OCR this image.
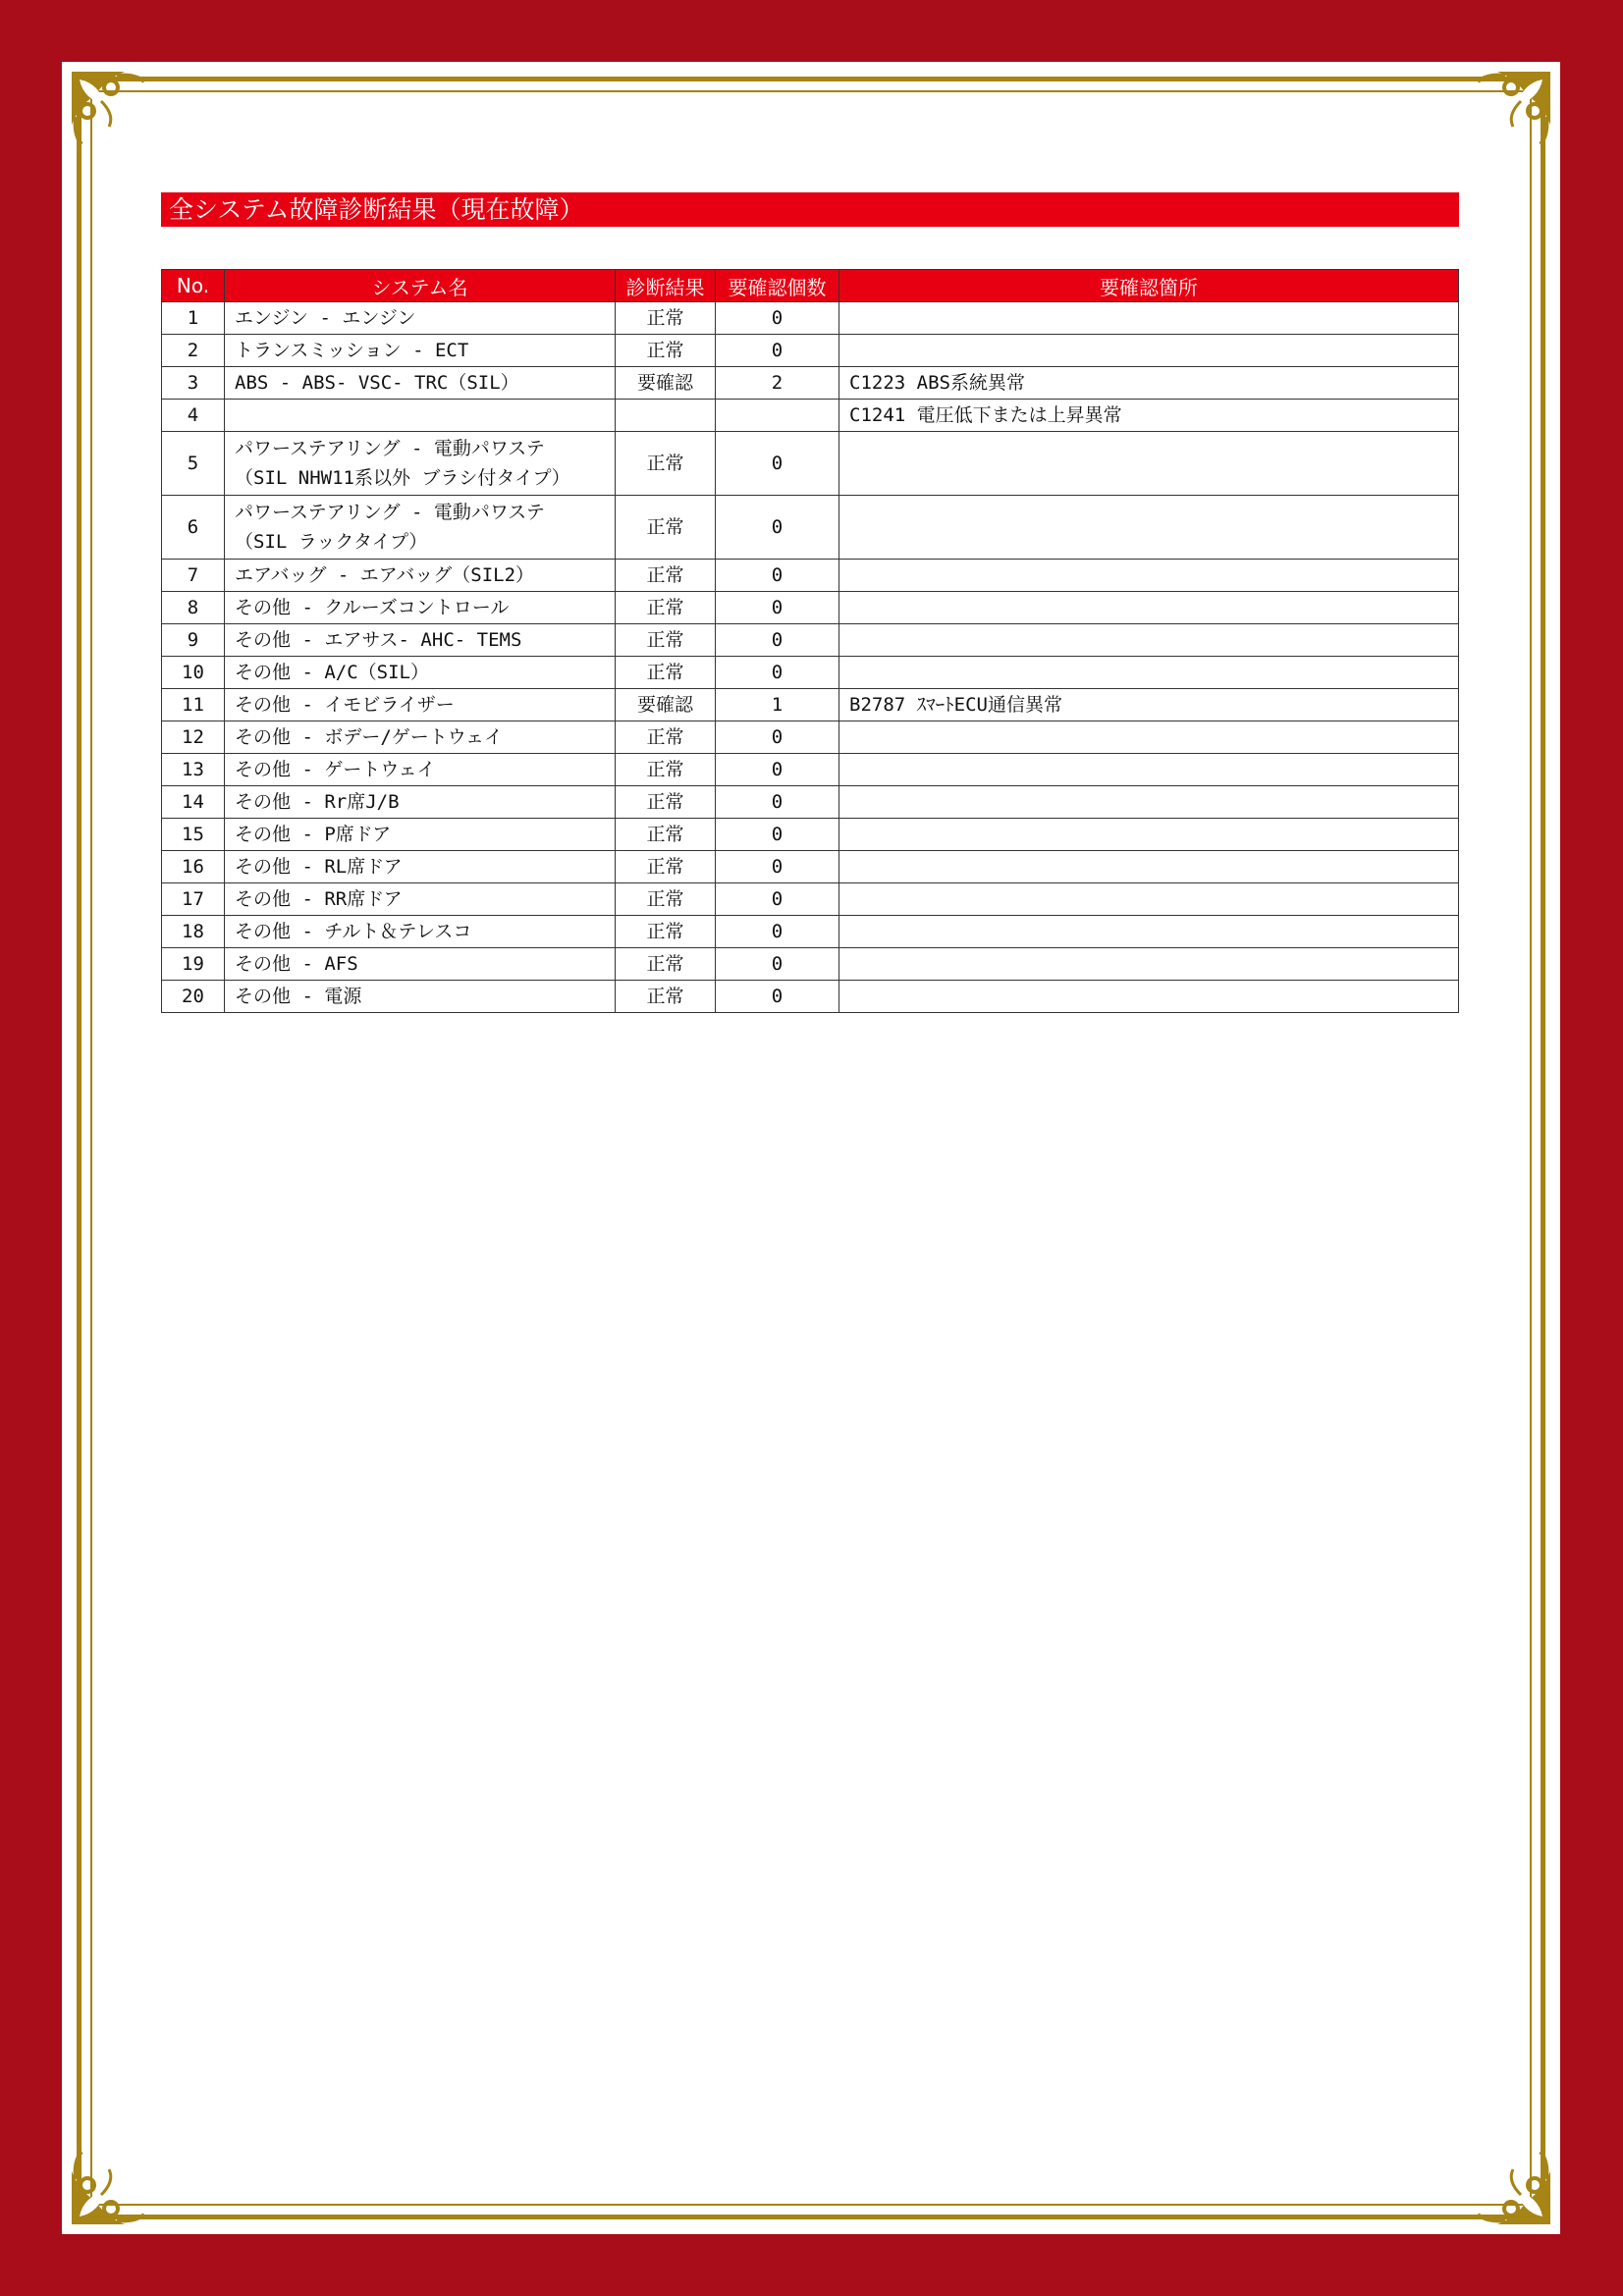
全システム故障診断結果（現在故障）
No.	システム名	診断結果	要確認個数	要確認箇所
1	エンジン - エンジン	正常	0	
2	トランスミッション - ECT	正常	0	
3	ABS - ABS- VSC- TRC（SIL）	要確認	2	C1223 ABS系統異常
4				C1241 電圧低下または上昇異常
5	パワーステアリング - 電動パワステ
（SIL NHW11系以外 ブラシ付タイプ）	正常	0	
6	パワーステアリング - 電動パワステ
（SIL ラックタイプ）	正常	0	
7	エアバッグ - エアバッグ（SIL2）	正常	0	
8	その他 - クルーズコントロール	正常	0	
9	その他 - エアサス- AHC- TEMS	正常	0	
10	その他 - A/C（SIL）	正常	0	
11	その他 - イモビライザー	要確認	1	B2787 ｽﾏｰﾄECU通信異常
12	その他 - ボデー/ゲートウェイ	正常	0	
13	その他 - ゲートウェイ	正常	0	
14	その他 - Rr席J/B	正常	0	
15	その他 - P席ドア	正常	0	
16	その他 - RL席ドア	正常	0	
17	その他 - RR席ドア	正常	0	
18	その他 - チルト＆テレスコ	正常	0	
19	その他 - AFS	正常	0	
20	その他 - 電源	正常	0	
